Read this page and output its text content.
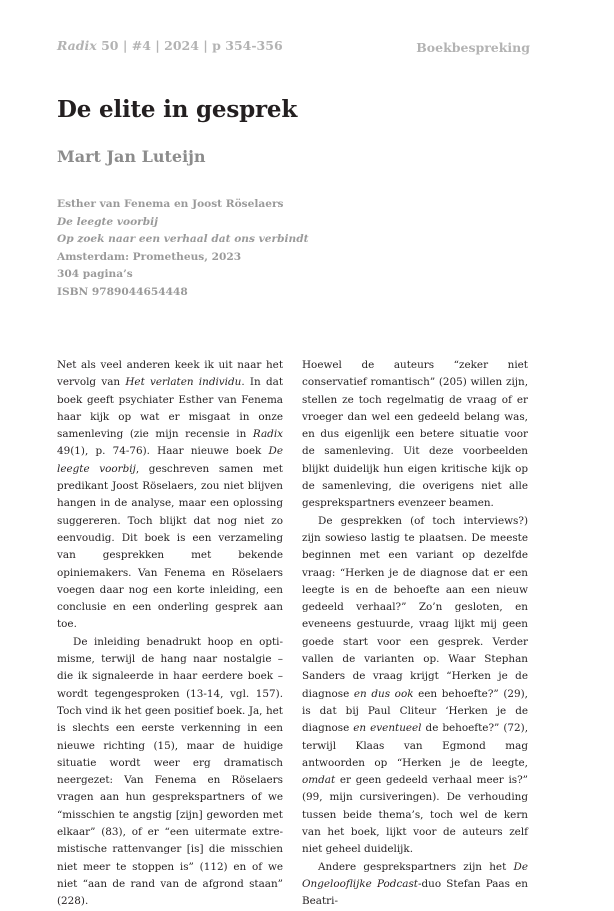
Radix 50 | #4 | 2024 | p 354-356	Boekbespreking
De elite in gesprek
Mart Jan Luteijn
Esther van Fenema en Joost Röselaers
De leegte voorbij
Op zoek naar een verhaal dat ons verbindt
Amsterdam: Prometheus, 2023
304 pagina’s
ISBN 9789044654448

Net als veel anderen keek ik uit naar het vervolg van Het verlaten individu. In dat boek geeft psychiater Esther van Fenema haar kijk op wat er misgaat in onze samenleving (zie mijn recensie in Radix 49(1), p. 74-76). Haar nieuwe boek De leegte voorbij, geschreven samen met predikant Joost Röselaers, zou niet blijven hangen in de analyse, maar een oplossing suggereren. Toch blijkt dat nog niet zo eenvoudig. Dit boek is een verzameling van gesprekken met bekende opiniemakers. Van Fenema en Röselaers voegen daar nog een korte inleiding, een conclusie en een onderling gesprek aan toe.

De inleiding benadrukt hoop en optimisme, terwijl de hang naar nostalgie – die ik signaleerde in haar eerdere boek – wordt tegengesproken (13-14, vgl. 157). Toch vind ik het geen positief boek. Ja, het is slechts een eerste verkenning in een nieuwe richting (15), maar de huidige situatie wordt weer erg dramatisch neergezet: Van Fenema en Röselaers vragen aan hun gesprekspartners of we “misschien te angstig [zijn] geworden met elkaar” (83), of er “een uitermate extremistische rattenvanger [is] die misschien niet meer te stoppen is” (112) en of we niet “aan de rand van de afgrond staan” (228).

Hoewel de auteurs “zeker niet conservatief romantisch” (205) willen zijn, stellen ze toch regelmatig de vraag of er vroeger dan wel een gedeeld belang was, en dus eigenlijk een betere situatie voor de samenleving. Uit deze voorbeelden blijkt duidelijk hun eigen kritische kijk op de samenleving, die overigens niet alle gesprekspartners evenzeer beamen.

De gesprekken (of toch interviews?) zijn sowieso lastig te plaatsen. De meeste beginnen met een variant op dezelfde vraag: “Herken je de diagnose dat er een leegte is en de behoefte aan een nieuw gedeeld verhaal?” Zo’n gesloten, en eveneens gestuurde, vraag lijkt mij geen goede start voor een gesprek. Verder vallen de varianten op. Waar Stephan Sanders de vraag krijgt “Herken je de diagnose en dus ook een behoefte?” (29), is dat bij Paul Cliteur ‘Herken je de diagnose en eventueel de behoefte?” (72), terwijl Klaas van Egmond mag antwoorden op “Herken je de leegte, omdat er geen gedeeld verhaal meer is?” (99, mijn cursiveringen). De verhouding tussen beide thema’s, toch wel de kern van het boek, lijkt voor de auteurs zelf niet geheel duidelijk.

Andere gesprekspartners zijn het De Ongelooflijke Podcast-duo Stefan Paas en Beatri-
